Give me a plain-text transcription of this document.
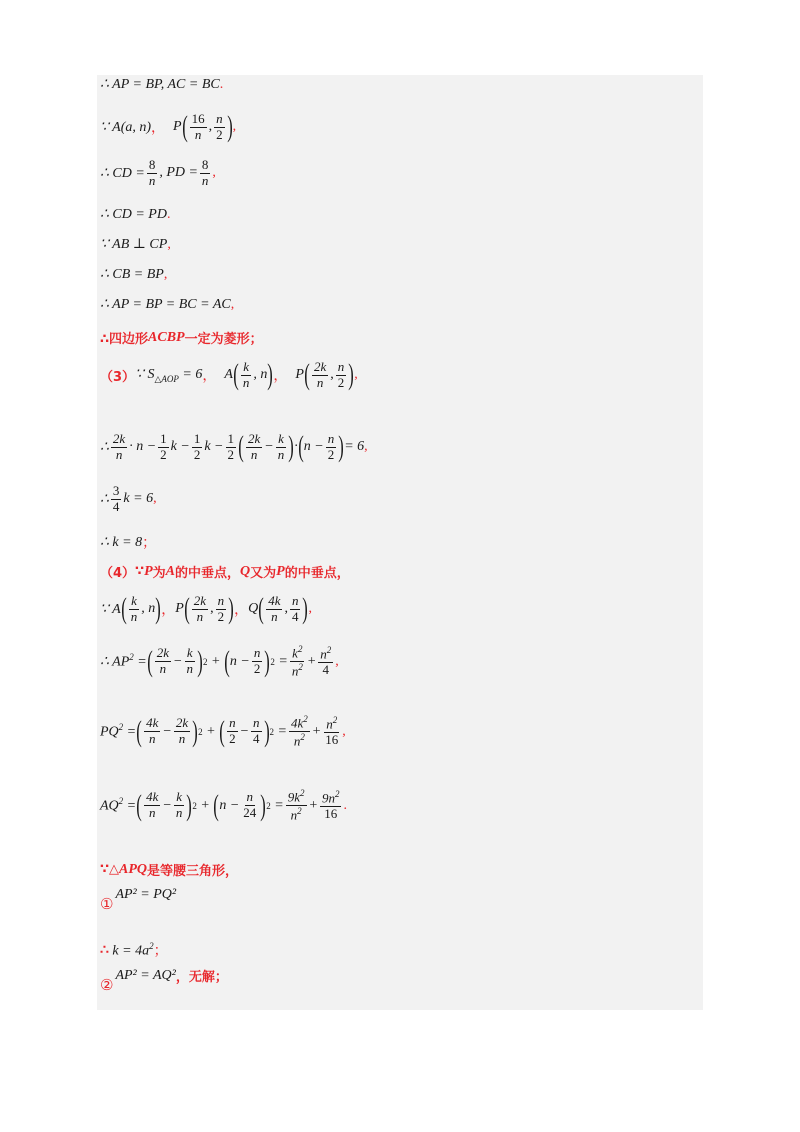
∴ AP = BP, AC = BC .
∵ A(a, n) ， P ( $\frac{16}{n}$ , $\frac{n}{2}$ ) ,
∴ CD = $\frac{8}{n}$ , PD = $\frac{8}{n}$ ,
∴ CD = PD .
∵ AB ⊥ CP ,
∴ CB = BP ,
∴ AP = BP = BC = AC ,
∴四边形 ACBP 一定为菱形；
（3） ∵ $S_{\triangle AOP} = 6$ ， A ( $\frac{k}{n}$ , n ) ， P ( $\frac{2k}{n}$ , $\frac{n}{2}$ ) ,
∴ $\frac{2k}{n} \cdot n - \frac{1}{2}$ $k - \frac{1}{2}$ $k - \frac{1}{2}$ ( $\frac{2k}{n} - \frac{k}{n}$ ) · ( $n - \frac{n}{2}$ ) = 6 ,
∴ $\frac{3}{4}$ k = 6 ,
∴ k = 8 ；
（4） ∵ P 为 A 的中垂点， Q 又为 P 的中垂点，
∵ A ( $\frac{k}{n}$ , n ) ， P ( $\frac{2k}{n}$ , $\frac{n}{2}$ ) ， Q ( $\frac{4k}{n}$ , $\frac{n}{4}$ ) ,
∴ $AP^2$ = ( $\frac{2k}{n} - \frac{k}{n}$ ) 2 + ( $n - \frac{n}{2}$ ) $2 = \frac{k^2}{n^2} + \frac{n^2}{4}$ ,
$PQ^2$ = ( $\frac{4k}{n} - \frac{2k}{n}$ ) 2 + ( $\frac{n}{2} - \frac{n}{4}$ ) $2 = \frac{4k^2}{n^2} + \frac{n^2}{16}$ ,
$AQ^2$ = ( $\frac{4k}{n} - \frac{k}{n}$ ) 2 + ( $n - \frac{n}{24}$ ) $2 = \frac{9k^2}{n^2} + \frac{9n^2}{16}$ .
∵△ APQ 是等腰三角形，
①
AP² = PQ²
∴
$k = 4a^2$ ；
②
AP² = AQ² ，无解；
